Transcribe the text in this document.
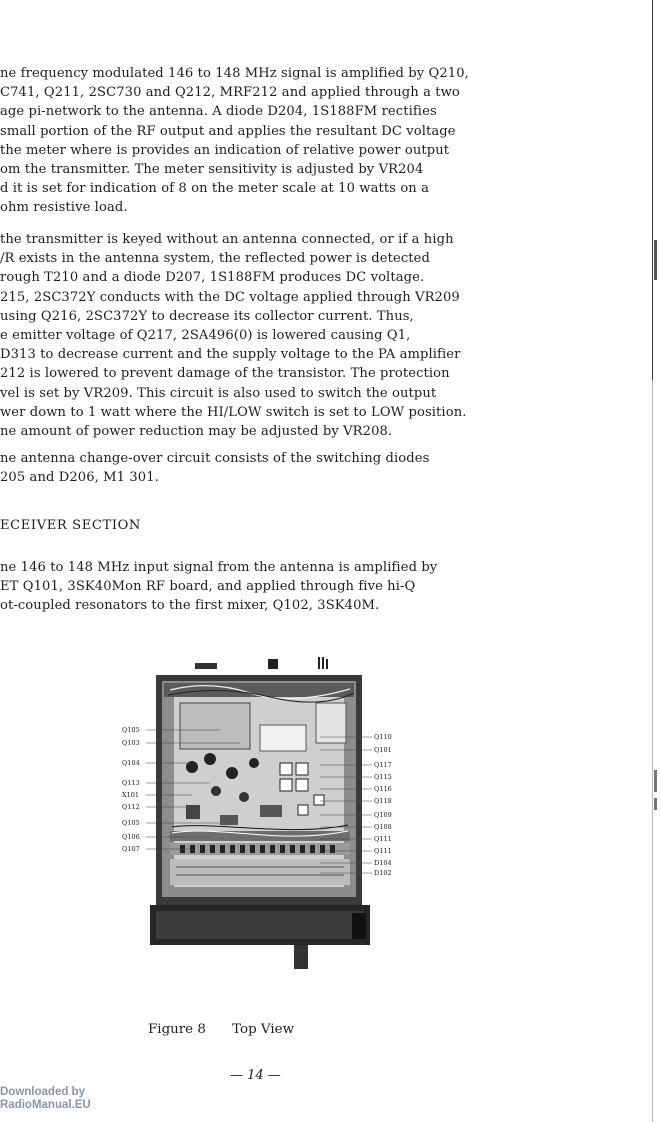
ne frequency modulated 146 to 148 MHz signal is amplified by Q210,
C741, Q211, 2SC730 and Q212, MRF212 and applied through a two
age pi-network to the antenna. A diode D204, 1S188FM rectifies
small portion of the RF output and applies the resultant DC voltage
the meter where is provides an indication of relative power output
om the transmitter. The meter sensitivity is adjusted by VR204
d it is set for indication of 8 on the meter scale at 10 watts on a
ohm resistive load.
the transmitter is keyed without an antenna connected, or if a high
/R exists in the antenna system, the reflected power is detected
rough T210 and a diode D207, 1S188FM produces DC voltage.
215, 2SC372Y conducts with the DC voltage applied through VR209
using Q216, 2SC372Y to decrease its collector current. Thus,
e emitter voltage of Q217, 2SA496(0) is lowered causing Q1,
D313 to decrease current and the supply voltage to the PA amplifier
212 is lowered to prevent damage of the transistor. The protection
vel is set by VR209. This circuit is also used to switch the output
wer down to 1 watt where the HI/LOW switch is set to LOW position.
ne amount of power reduction may be adjusted by VR208.
ne antenna change-over circuit consists of the switching diodes
205 and D206, M1 301.
ECEIVER SECTION
ne 146 to 148 MHz input signal from the antenna is amplified by
ET Q101, 3SK40Mon RF board, and applied through five hi-Q
ot-coupled resonators to the first mixer, Q102, 3SK40M.
Q105
Q103
Q104
Q113
X101
Q112
Q105
Q106
Q107
Q110
Q101
Q117
Q115
Q116
Q118
Q109
Q108
Q111
Q111
D104
D102
Figure 8 Top View
— 14 —
Downloaded by
RadioManual.EU
